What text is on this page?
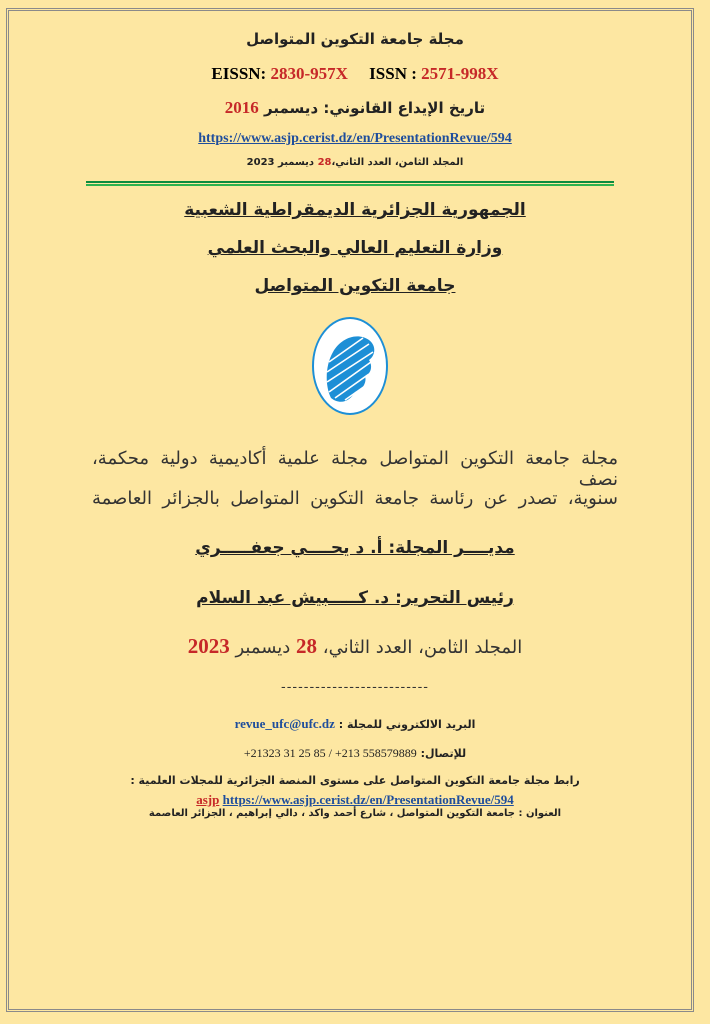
مجلة جامعة التكوين المتواصل
EISSN: 2830-957X ISSN : 2571-998X
تاريخ الإيداع القانوني: ديسمبر 2016
https://www.asjp.cerist.dz/en/PresentationRevue/594
المجلد الثامن، العدد الثاني،28 ديسمبر 2023
الجمهورية الجزائرية الديمقراطية الشعبية
وزارة التعليم العالي والبحث العلمي
جامعة التكوين المتواصل
مجلة جامعة التكوين المتواصل مجلة علمية أكاديمية دولية محكمة، نصف
سنوية، تصدر عن رئاسة جامعة التكوين المتواصل بالجزائر العاصمة
مديــــر المجلة: أ. د يحــــي جعفـــــري
رئيس التحرير: د. كـــــبيش عبد السلام
المجلد الثامن، العدد الثاني، 28 ديسمبر 2023
--------------------------
البريد الالكتروني للمجلة : revue_ufc@ufc.dz
للإتصال: +21323 31 25 85 / +213 558579889
رابط مجلة جامعة التكوين المتواصل على مستوى المنصة الجزائرية للمجلات العلمية :
asjp https://www.asjp.cerist.dz/en/PresentationRevue/594
العنوان : جامعة التكوين المتواصل ، شارع أحمد واكد ، دالي إبراهيم ، الجزائر العاصمة
